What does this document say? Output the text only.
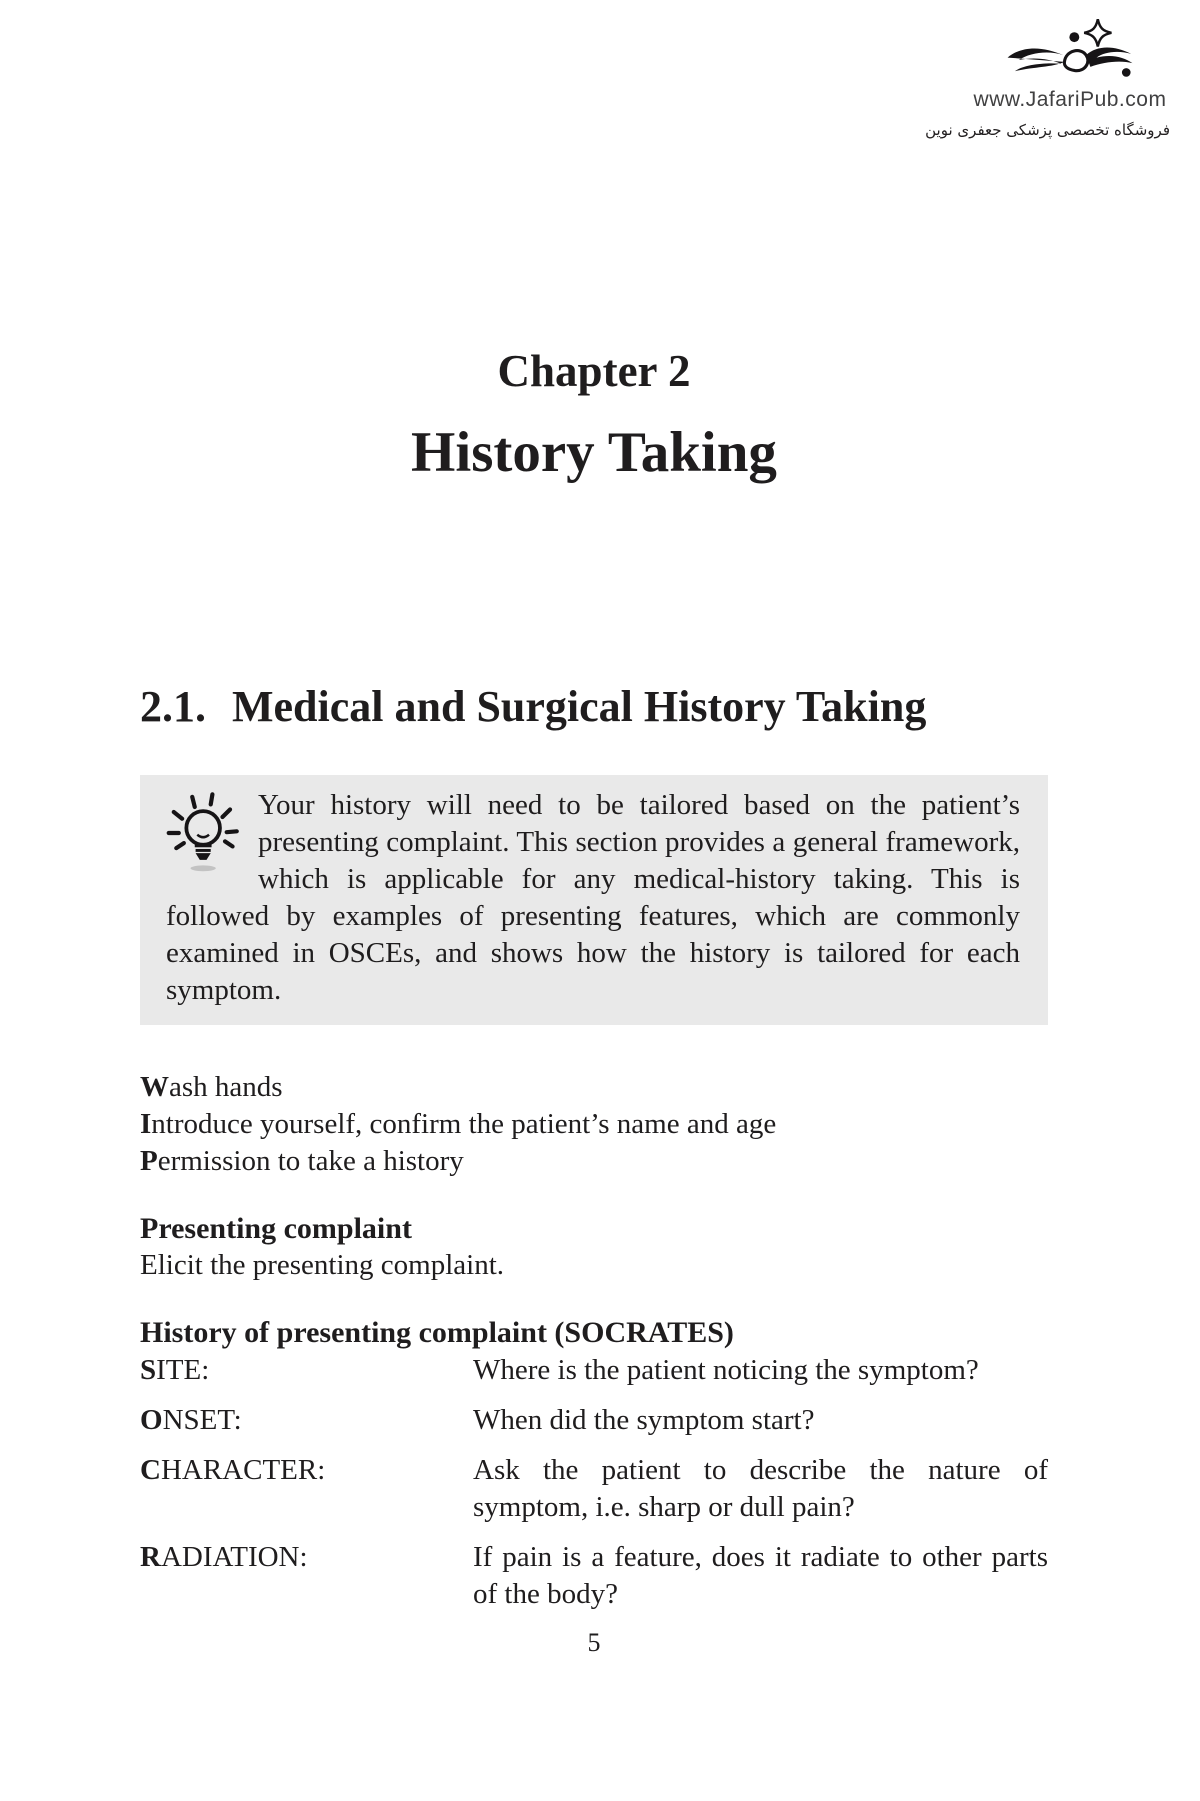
www.JafariPub.com
فروشگاه تخصصی پزشکی جعفری نوین
Chapter 2
History Taking
2.1. Medical and Surgical History Taking

Your history will need to be tailored based on the patient’s presenting complaint. This section provides a general framework, which is applicable for any medical-history taking. This is followed by examples of presenting features, which are commonly examined in OSCEs, and shows how the history is tailored for each symptom.

Wash hands
Introduce yourself, confirm the patient’s name and age
Permission to take a history
Presenting complaint
Elicit the presenting complaint.
History of presenting complaint (SOCRATES)
SITE:	Where is the patient noticing the symptom?
ONSET:	When did the symptom start?
CHARACTER:	Ask the patient to describe the nature of symptom, i.e. sharp or dull pain?
RADIATION:	If pain is a feature, does it radiate to other parts of the body?
5
